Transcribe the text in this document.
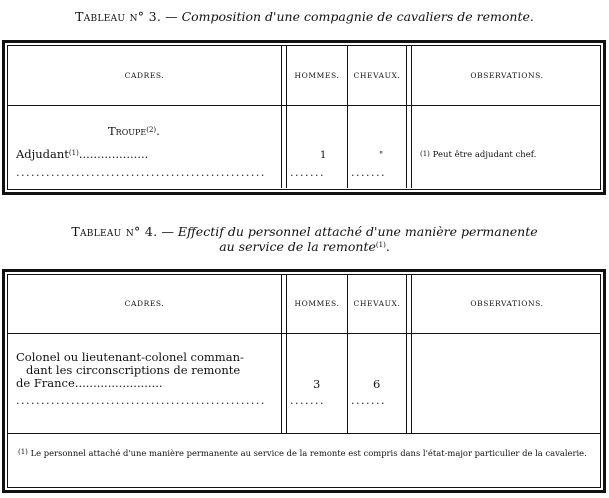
Tableau n° 3. — Composition d'une compagnie de cavaliers de remonte.
CADRES.	HOMMES.	CHEVAUX.	OBSERVATIONS.
Troupe$^{(2)}$.
Adjudant$^{(1)}$...................	1	"	$^{(1)}$ Peut être adjudant chef.
..................................................	.......	.......
Tableau n° 4. — Effectif du personnel attaché d'une manière permanente
au service de la remonte$^{(1)}$.
CADRES.	HOMMES.	CHEVAUX.	OBSERVATIONS.
Colonel ou lieutenant-colonel comman-
dant les circonscriptions de remonte
de France........................	3	6
..................................................	.......	.......
$^{(1)}$ Le personnel attaché d'une manière permanente au service de la remonte est compris dans l'état-major particulier de la cavalerie.
